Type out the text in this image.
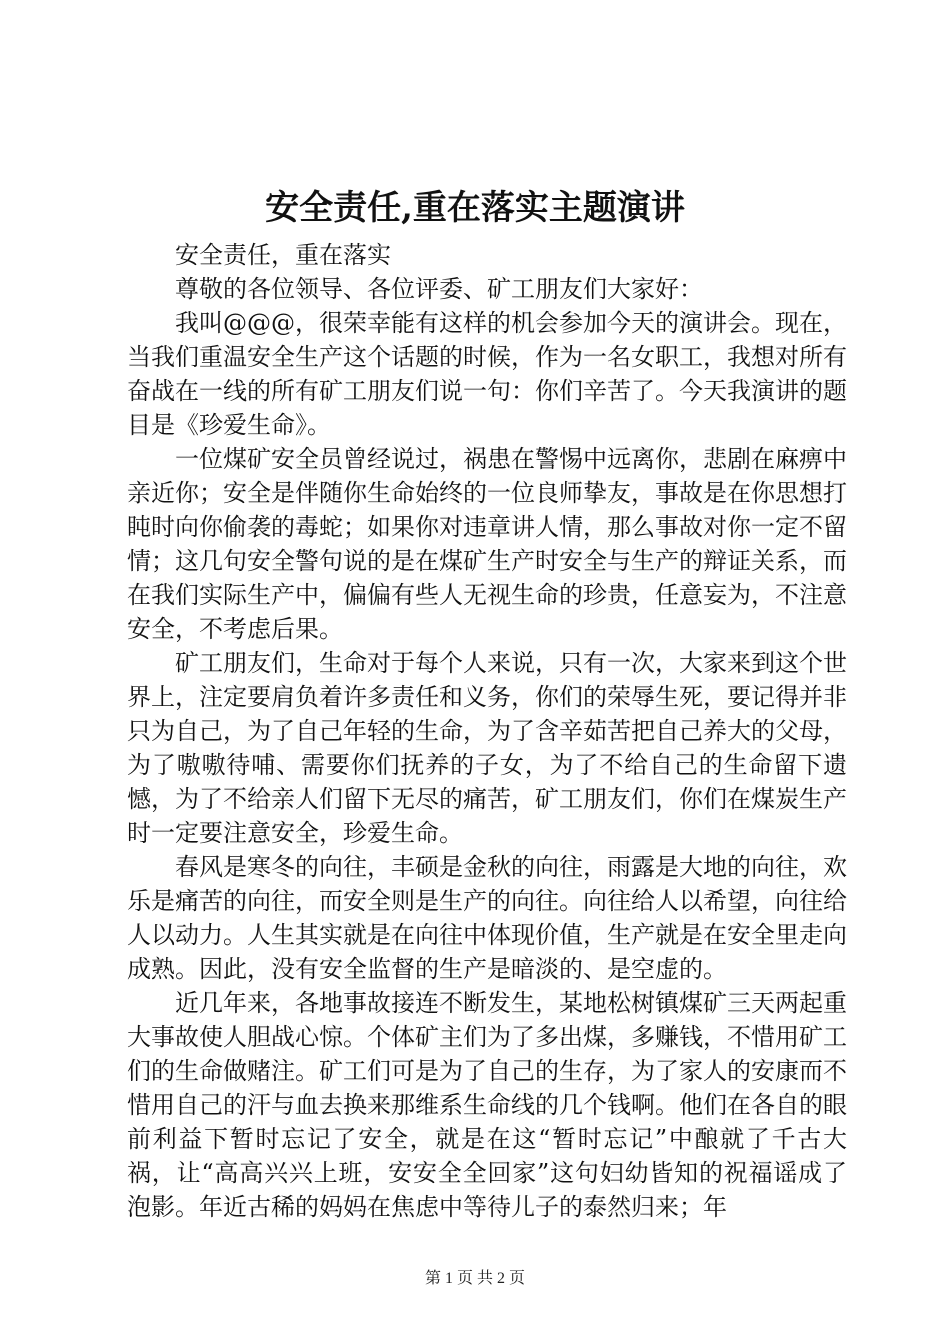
安全责任,重在落实主题演讲

安全责任，重在落实

尊敬的各位领导、各位评委、矿工朋友们大家好：

我叫@@@，很荣幸能有这样的机会参加今天的演讲会。现在，当我们重温安全生产这个话题的时候，作为一名女职工，我想对所有奋战在一线的所有矿工朋友们说一句：你们辛苦了。今天我演讲的题目是《珍爱生命》。

一位煤矿安全员曾经说过，祸患在警惕中远离你，悲剧在麻痹中亲近你；安全是伴随你生命始终的一位良师挚友，事故是在你思想打盹时向你偷袭的毒蛇；如果你对违章讲人情，那么事故对你一定不留情；这几句安全警句说的是在煤矿生产时安全与生产的辩证关系，而在我们实际生产中，偏偏有些人无视生命的珍贵，任意妄为，不注意安全，不考虑后果。

矿工朋友们，生命对于每个人来说，只有一次，大家来到这个世界上，注定要肩负着许多责任和义务，你们的荣辱生死，要记得并非只为自己，为了自己年轻的生命，为了含辛茹苦把自己养大的父母，为了嗷嗷待哺、需要你们抚养的子女，为了不给自己的生命留下遗憾，为了不给亲人们留下无尽的痛苦，矿工朋友们，你们在煤炭生产时一定要注意安全，珍爱生命。

春风是寒冬的向往，丰硕是金秋的向往，雨露是大地的向往，欢乐是痛苦的向往，而安全则是生产的向往。向往给人以希望，向往给人以动力。人生其实就是在向往中体现价值，生产就是在安全里走向成熟。因此，没有安全监督的生产是暗淡的、是空虚的。

近几年来，各地事故接连不断发生，某地松树镇煤矿三天两起重大事故使人胆战心惊。个体矿主们为了多出煤，多赚钱，不惜用矿工们的生命做赌注。矿工们可是为了自己的生存，为了家人的安康而不惜用自己的汗与血去换来那维系生命线的几个钱啊。他们在各自的眼前利益下暂时忘记了安全，就是在这“暂时忘记”中酿就了千古大祸，让“高高兴兴上班，安安全全回家”这句妇幼皆知的祝福谣成了泡影。年近古稀的妈妈在焦虑中等待儿子的泰然归来；年

第 1 页 共 2 页
